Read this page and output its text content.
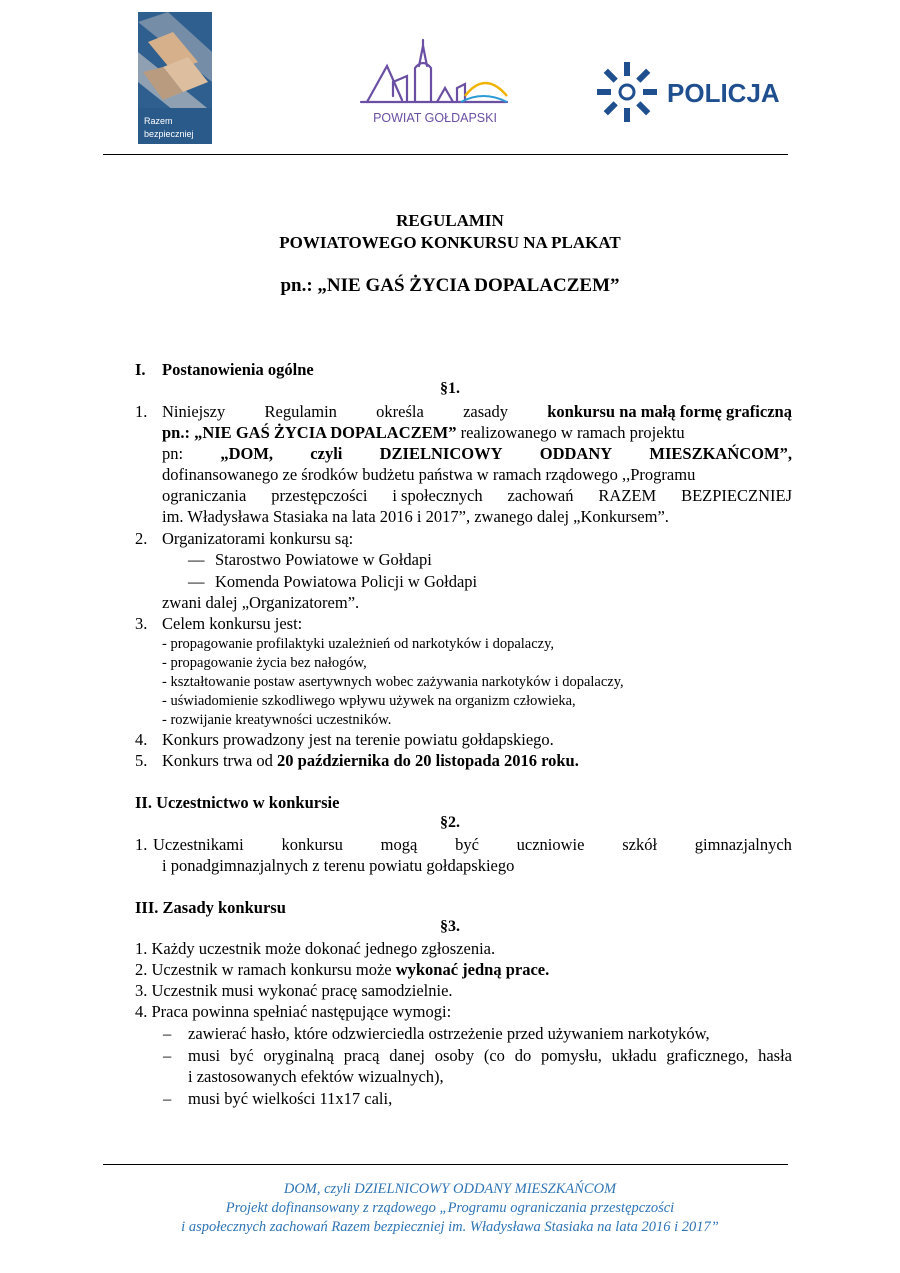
Razem
bezpieczniej
POWIAT GOŁDAPSKI
POLICJA
REGULAMIN
POWIATOWEGO KONKURSU NA PLAKAT
pn.: „NIE GAŚ ŻYCIA DOPALACZEM”
I. Postanowienia ogólne
§1.
1. Niniejszy Regulamin określa zasady konkursu na małą formę graficzną
pn.: „NIE GAŚ ŻYCIA DOPALACZEM” realizowanego w ramach projektu
pn: „DOM, czyli DZIELNICOWY ODDANY MIESZKAŃCOM”,
dofinansowanego ze środków budżetu państwa w ramach rządowego ,,Programu
ograniczania przestępczości i społecznych zachowań RAZEM BEZPIECZNIEJ
im. Władysława Stasiaka na lata 2016 i 2017”, zwanego dalej „Konkursem”.
2. Organizatorami konkursu są:
— Starostwo Powiatowe w Gołdapi
— Komenda Powiatowa Policji w Gołdapi
zwani dalej „Organizatorem”.
3. Celem konkursu jest:
- propagowanie profilaktyki uzależnień od narkotyków i dopalaczy,
- propagowanie życia bez nałogów,
- kształtowanie postaw asertywnych wobec zażywania narkotyków i dopalaczy,
- uświadomienie szkodliwego wpływu używek na organizm człowieka,
- rozwijanie kreatywności uczestników.
4. Konkurs prowadzony jest na terenie powiatu gołdapskiego.
5. Konkurs trwa od 20 października do 20 listopada 2016 roku.
II. Uczestnictwo w konkursie
§2.
1. Uczestnikami konkursu mogą być uczniowie szkół gimnazjalnych
i ponadgimnazjalnych z terenu powiatu gołdapskiego
III. Zasady konkursu
§3.
1. Każdy uczestnik może dokonać jednego zgłoszenia.
2. Uczestnik w ramach konkursu może wykonać jedną prace.
3. Uczestnik musi wykonać pracę samodzielnie.
4. Praca powinna spełniać następujące wymogi:
– zawierać hasło, które odzwierciedla ostrzeżenie przed używaniem narkotyków,
– musi być oryginalną pracą danej osoby (co do pomysłu, układu graficznego, hasła
i zastosowanych efektów wizualnych),
– musi być wielkości 11x17 cali,
DOM, czyli DZIELNICOWY ODDANY MIESZKAŃCOM
Projekt dofinansowany z rządowego „Programu ograniczania przestępczości
i aspołecznych zachowań Razem bezpieczniej im. Władysława Stasiaka na lata 2016 i 2017”
